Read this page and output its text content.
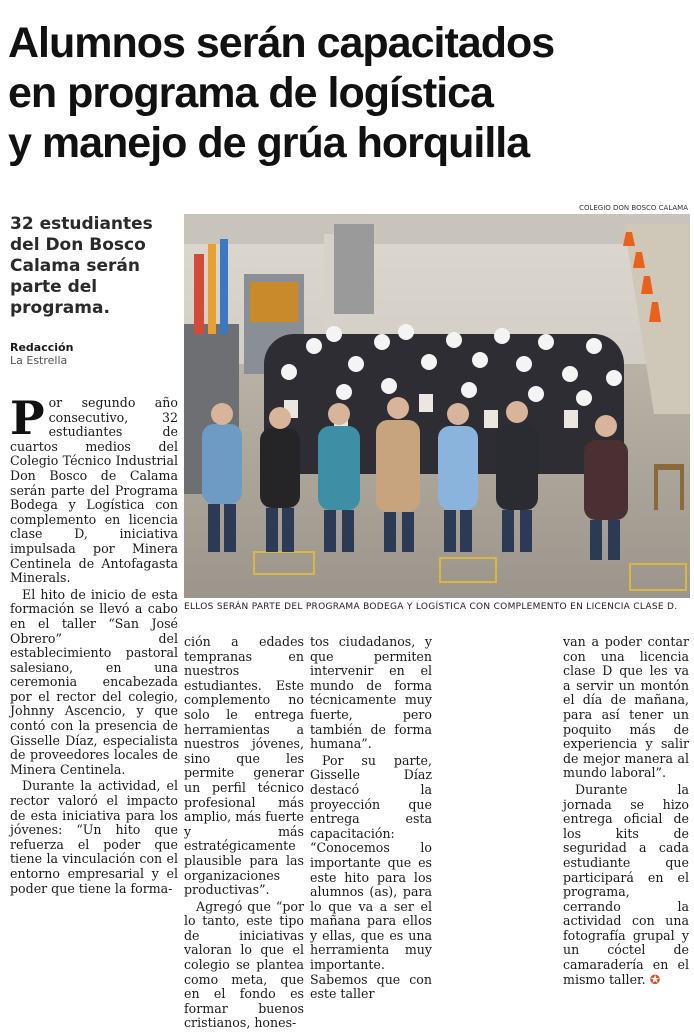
Alumnos serán capacitados
en programa de logística
y manejo de grúa horquilla
32 estudiantes del Don Bosco Calama serán parte del programa.
Redacción
La Estrella
COLEGIO DON BOSCO CALAMA
ELLOS SERÁN PARTE DEL PROGRAMA BODEGA Y LOGÍSTICA CON COMPLEMENTO EN LICENCIA CLASE D.

Por segundo año consecutivo, 32 estudiantes de cuartos medios del Colegio Técnico Industrial Don Bosco de Calama serán parte del Programa Bodega y Logística con complemento en licencia clase D, iniciativa impulsada por Minera Centinela de Antofagasta Minerals.

El hito de inicio de esta formación se llevó a cabo en el taller “San José Obrero” del establecimiento pastoral salesiano, en una ceremonia encabezada por el rector del colegio, Johnny Ascencio, y que contó con la presencia de Gisselle Díaz, especialista de proveedores locales de Minera Centinela.

Durante la actividad, el rector valoró el impacto de esta iniciativa para los jóvenes: “Un hito que refuerza el poder que tiene la vinculación con el entorno empresarial y el poder que tiene la forma-

ción a edades tempranas en nuestros estudiantes. Este complemento no solo le entrega herramientas a nuestros jóvenes, sino que les permite generar un perfil técnico profesional más amplio, más fuerte y más estratégicamente plausible para las organizaciones productivas”.

Agregó que “por lo tanto, este tipo de iniciativas valoran lo que el colegio se plantea como meta, que en el fondo es formar buenos cristianos, hones-

tos ciudadanos, y que permiten intervenir en el mundo de forma técnicamente muy fuerte, pero también de forma humana”.

Por su parte, Gisselle Díaz destacó la proyección que entrega esta capacitación: “Conocemos lo importante que es este hito para los alumnos (as), para lo que va a ser el mañana para ellos y ellas, que es una herramienta muy importante. Sabemos que con este taller

van a poder contar con una licencia clase D que les va a servir un montón el día de mañana, para así tener un poquito más de experiencia y salir de mejor manera al mundo laboral”.

Durante la jornada se hizo entrega oficial de los kits de seguridad a cada estudiante que participará en el programa, cerrando la actividad con una fotografía grupal y un cóctel de camaradería en el mismo taller. ✪
